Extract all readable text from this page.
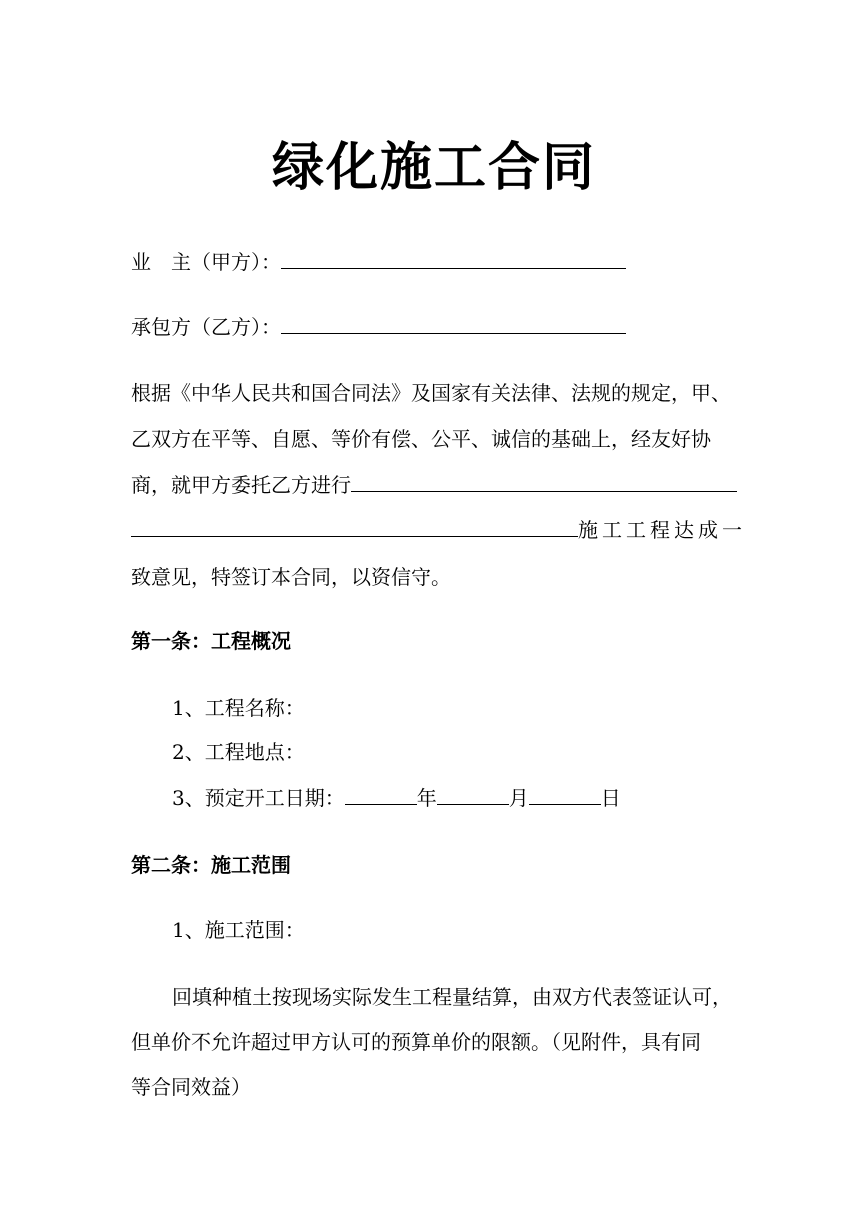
绿化施工合同
业　主（甲方）：
承包方（乙方）：
根据《中华人民共和国合同法》及国家有关法律、法规的规定，甲、
乙双方在平等、自愿、等价有偿、公平、诚信的基础上，经友好协
商，就甲方委托乙方进行
施工工程达成一
致意见，特签订本合同，以资信守。
第一条：工程概况
1、工程名称：
2、工程地点：
3、预定开工日期：	年	月	日
第二条：施工范围
1、施工范围：
回填种植土按现场实际发生工程量结算，由双方代表签证认可，
但单价不允许超过甲方认可的预算单价的限额。（见附件，具有同
等合同效益）
